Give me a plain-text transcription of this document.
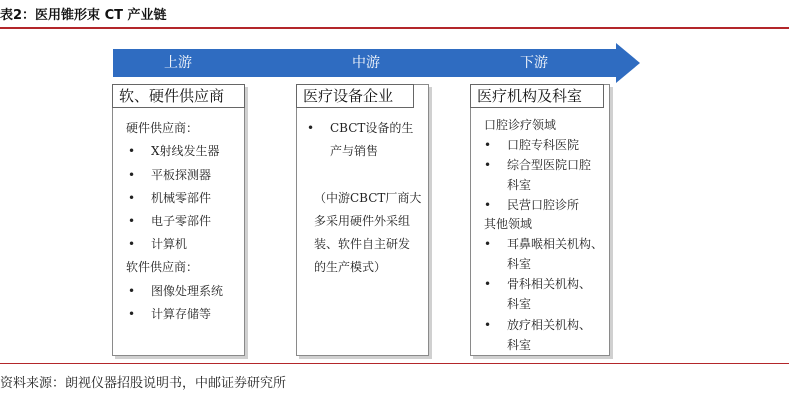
表2：医用锥形束 CT 产业链
上游	中游	下游
软、硬件供应商
硬件供应商：
• X射线发生器
• 平板探测器
• 机械零部件
• 电子零部件
• 计算机
软件供应商：
• 图像处理系统
• 计算存储等
医疗设备企业
• CBCT设备的生
产与销售
（中游CBCT厂商大
多采用硬件外采组
装、软件自主研发
的生产模式）
医疗机构及科室
口腔诊疗领域
• 口腔专科医院
• 综合型医院口腔
科室
• 民营口腔诊所
其他领域
• 耳鼻喉相关机构、
科室
• 骨科相关机构、
科室
• 放疗相关机构、
科室
资料来源：朗视仪器招股说明书，中邮证券研究所
